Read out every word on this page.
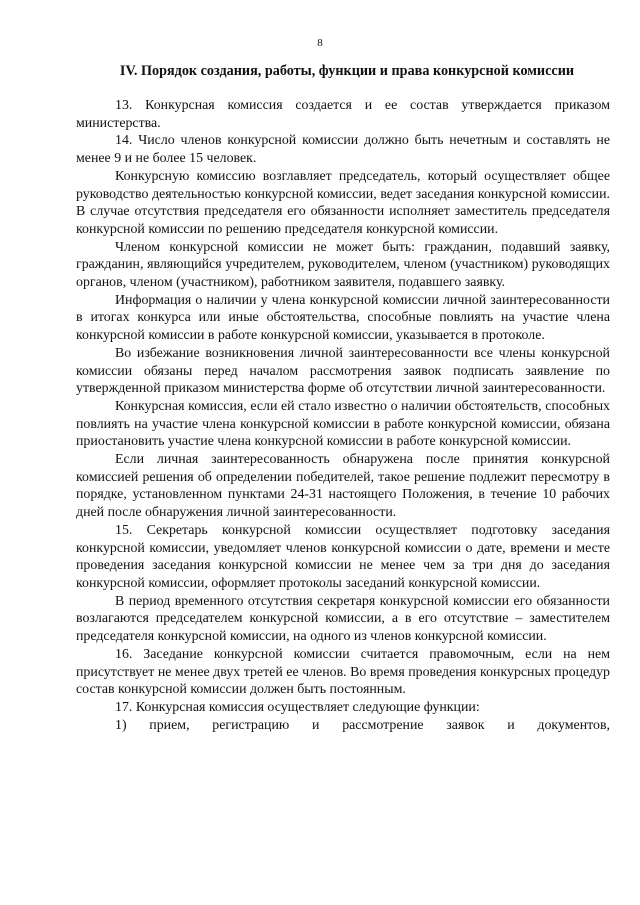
8
IV. Порядок создания, работы, функции и права конкурсной комиссии

13. Конкурсная комиссия создается и ее состав утверждается приказом министерства.

14. Число членов конкурсной комиссии должно быть нечетным и составлять не менее 9 и не более 15 человек.

Конкурсную комиссию возглавляет председатель, который осуществляет общее руководство деятельностью конкурсной комиссии, ведет заседания конкурсной комиссии. В случае отсутствия председателя его обязанности исполняет заместитель председателя конкурсной комиссии по решению председателя конкурсной комиссии.

Членом конкурсной комиссии не может быть: гражданин, подавший заявку, гражданин, являющийся учредителем, руководителем, членом (участником) руководящих органов, членом (участником), работником заявителя, подавшего заявку.

Информация о наличии у члена конкурсной комиссии личной заинтересованности в итогах конкурса или иные обстоятельства, способные повлиять на участие члена конкурсной комиссии в работе конкурсной комиссии, указывается в протоколе.

Во избежание возникновения личной заинтересованности все члены конкурсной комиссии обязаны перед началом рассмотрения заявок подписать заявление по утвержденной приказом министерства форме об отсутствии личной заинтересованности.

Конкурсная комиссия, если ей стало известно о наличии обстоятельств, способных повлиять на участие члена конкурсной комиссии в работе конкурсной комиссии, обязана приостановить участие члена конкурсной комиссии в работе конкурсной комиссии.

Если личная заинтересованность обнаружена после принятия конкурсной комиссией решения об определении победителей, такое решение подлежит пересмотру в порядке, установленном пунктами 24-31 настоящего Положения, в течение 10 рабочих дней после обнаружения личной заинтересованности.

15. Секретарь конкурсной комиссии осуществляет подготовку заседания конкурсной комиссии, уведомляет членов конкурсной комиссии о дате, времени и месте проведения заседания конкурсной комиссии не менее чем за три дня до заседания конкурсной комиссии, оформляет протоколы заседаний конкурсной комиссии.

В период временного отсутствия секретаря конкурсной комиссии его обязанности возлагаются председателем конкурсной комиссии, а в его отсутствие – заместителем председателя конкурсной комиссии, на одного из членов конкурсной комиссии.

16. Заседание конкурсной комиссии считается правомочным, если на нем присутствует не менее двух третей ее членов. Во время проведения конкурсных процедур состав конкурсной комиссии должен быть постоянным.

17. Конкурсная комиссия осуществляет следующие функции:

1) прием, регистрацию и рассмотрение заявок и документов,
